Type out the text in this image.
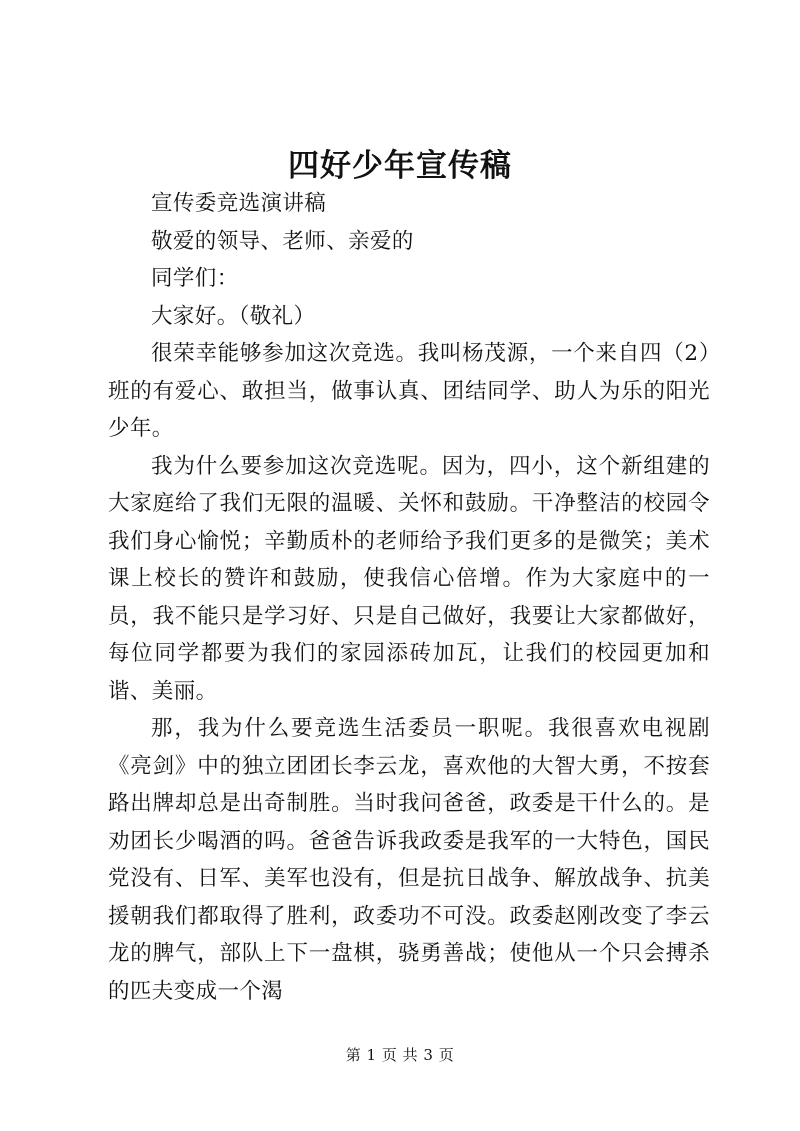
四好少年宣传稿

宣传委竞选演讲稿

敬爱的领导、老师、亲爱的

同学们：

大家好。（敬礼）

很荣幸能够参加这次竞选。我叫杨茂源，一个来自四（2）班的有爱心、敢担当，做事认真、团结同学、助人为乐的阳光少年。

我为什么要参加这次竞选呢。因为，四小，这个新组建的大家庭给了我们无限的温暖、关怀和鼓励。干净整洁的校园令我们身心愉悦；辛勤质朴的老师给予我们更多的是微笑；美术课上校长的赞许和鼓励，使我信心倍增。作为大家庭中的一员，我不能只是学习好、只是自己做好，我要让大家都做好，每位同学都要为我们的家园添砖加瓦，让我们的校园更加和谐、美丽。

那，我为什么要竞选生活委员一职呢。我很喜欢电视剧《亮剑》中的独立团团长李云龙，喜欢他的大智大勇，不按套路出牌却总是出奇制胜。当时我问爸爸，政委是干什么的。是劝团长少喝酒的吗。爸爸告诉我政委是我军的一大特色，国民党没有、日军、美军也没有，但是抗日战争、解放战争、抗美援朝我们都取得了胜利，政委功不可没。政委赵刚改变了李云龙的脾气，部队上下一盘棋，骁勇善战；使他从一个只会搏杀的匹夫变成一个渴

第 1 页 共 3 页
